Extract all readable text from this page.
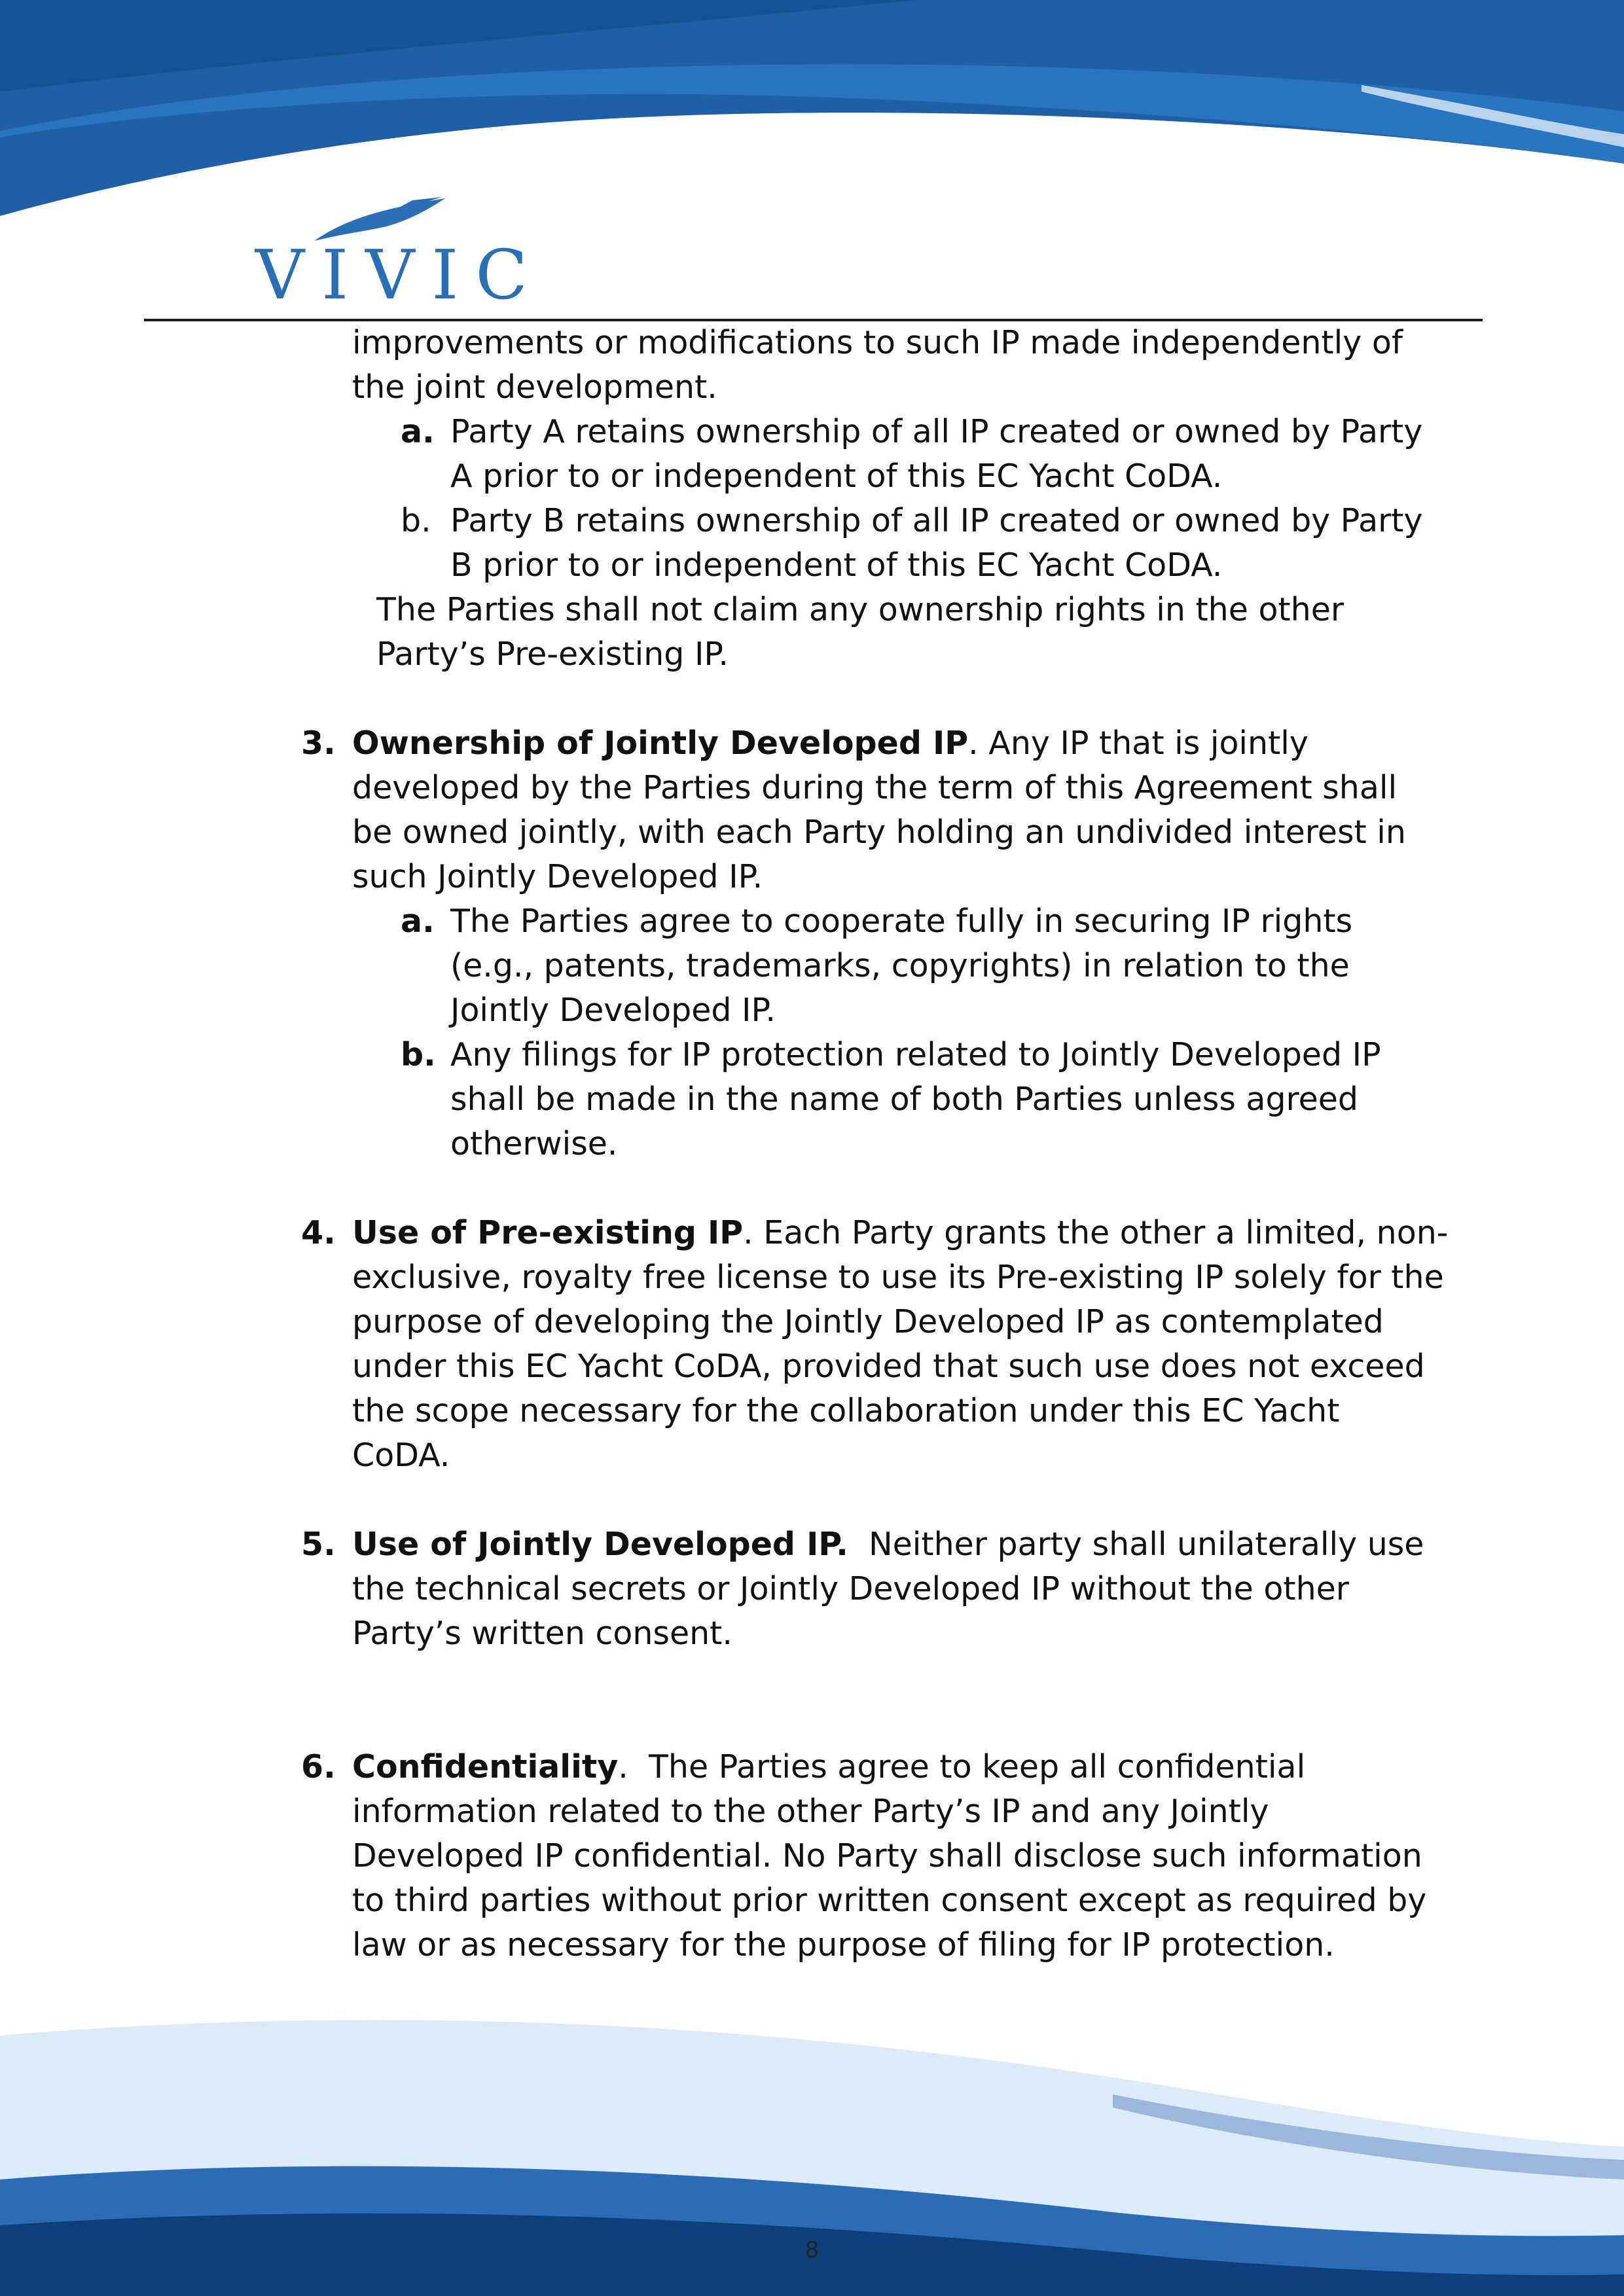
VIVIC
improvements or modifications to such IP made independently of
the joint development.
a. Party A retains ownership of all IP created or owned by Party
A prior to or independent of this EC Yacht CoDA.
b. Party B retains ownership of all IP created or owned by Party
B prior to or independent of this EC Yacht CoDA.
The Parties shall not claim any ownership rights in the other
Party’s Pre-existing IP.
3. Ownership of Jointly Developed IP. Any IP that is jointly
developed by the Parties during the term of this Agreement shall
be owned jointly, with each Party holding an undivided interest in
such Jointly Developed IP.
a. The Parties agree to cooperate fully in securing IP rights
(e.g., patents, trademarks, copyrights) in relation to the
Jointly Developed IP.
b. Any filings for IP protection related to Jointly Developed IP
shall be made in the name of both Parties unless agreed
otherwise.
4. Use of Pre-existing IP. Each Party grants the other a limited, non-
exclusive, royalty free license to use its Pre-existing IP solely for the
purpose of developing the Jointly Developed IP as contemplated
under this EC Yacht CoDA, provided that such use does not exceed
the scope necessary for the collaboration under this EC Yacht
CoDA.
5. Use of Jointly Developed IP.  Neither party shall unilaterally use
the technical secrets or Jointly Developed IP without the other
Party’s written consent.
6. Confidentiality.  The Parties agree to keep all confidential
information related to the other Party’s IP and any Jointly
Developed IP confidential. No Party shall disclose such information
to third parties without prior written consent except as required by
law or as necessary for the purpose of filing for IP protection.
8
